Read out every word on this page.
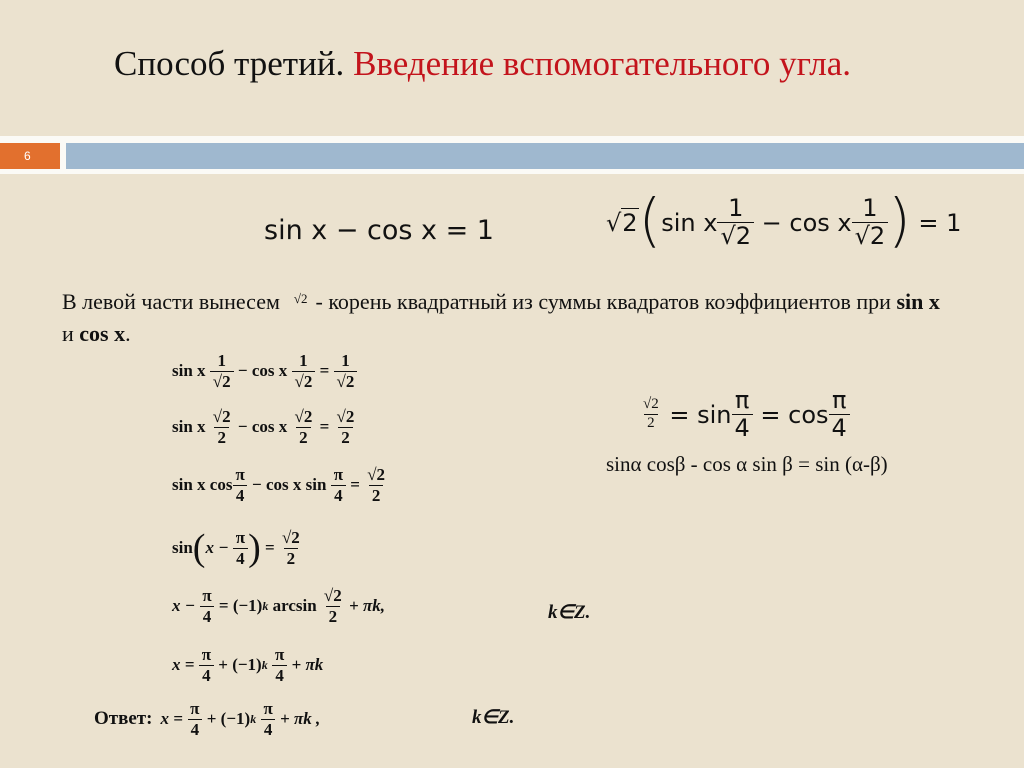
Способ третий. Введение вспомогательного угла.
6
sin x − cos x = 1	√2 ( sin x $\frac{1}{√2} - \cos x \frac{1}{√2}$ ) = 1
В левой части вынесем $^{√2}$ - корень квадратный из суммы квадратов коэффициентов при sin x и cos x.
sin x
$\frac{1}{√2}$
− cos x
$\frac{1}{√2}$
=
$\frac{1}{√2}$
sin x
$\frac{√2}{2}$
− cos x
$\frac{√2}{2}$
=
$\frac{√2}{2}$
sin x $\cos \frac{\pi}{4}$
− cos x sin
$\frac{\pi}{4}$
=
$\frac{√2}{2}$
sin ( x −
$\frac{\pi}{4}$ )
=
$\frac{√2}{2}$
x −
$\frac{\pi}{4}$
= (−1) k
arcsin
$\frac{√2}{2}$
+ πk,	k∈Z.
x =
$\frac{\pi}{4}$
+ (−1) k
$\frac{\pi}{4}$
+ πk
Ответ: x =
$\frac{\pi}{4}$
+ (−1) k
$\frac{\pi}{4}$
+ πk ,	k∈Z.
$\frac{√2}{2}$
= $\sin \frac{\pi}{4}$
= $\cos \frac{\pi}{4}$
sinα cosβ - cos α sin β = sin (α-β)
